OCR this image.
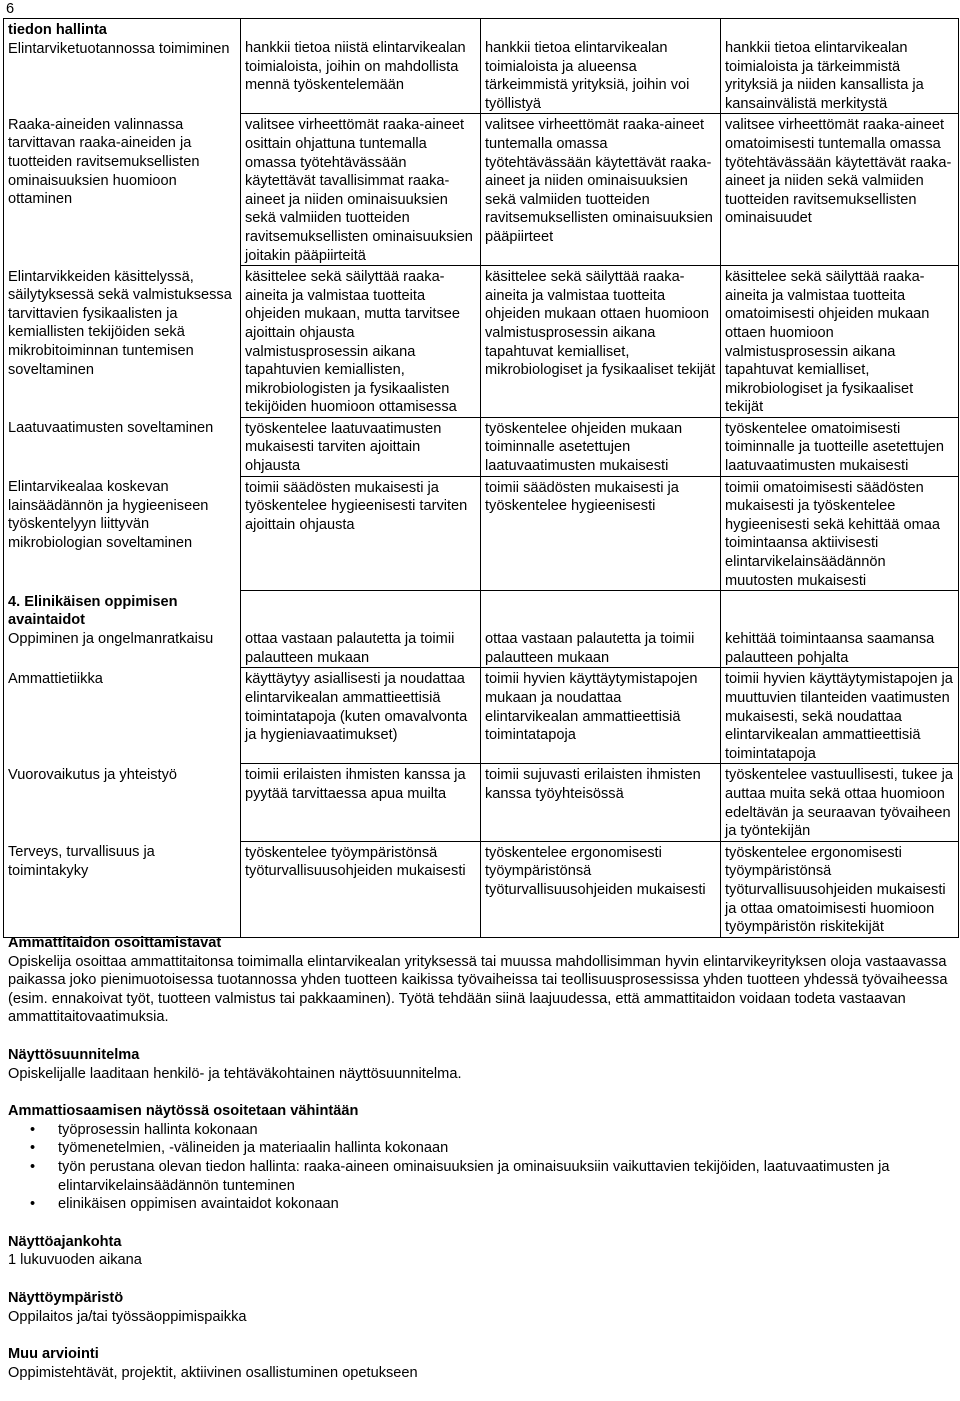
6

tiedon hallinta

Elintarviketuotannossa toimiminen	hankkii tietoa niistä elintarvikealan toimialoista, joihin on mahdollista mennä työskentelemään	hankkii tietoa elintarvikealan toimialoista ja alueensa tärkeimmistä yrityksiä, joihin voi työllistyä	hankkii tietoa elintarvikealan toimialoista ja tärkeimmistä yrityksiä ja niiden kansallista ja kansainvälistä merkitystä

Raaka-aineiden valinnassa tarvittavan raaka-aineiden ja tuotteiden ravitsemuksellisten ominaisuuksien huomioon ottaminen	valitsee virheettömät raaka-aineet osittain ohjattuna tuntemalla omassa työtehtävässään käytettävät tavallisimmat raaka-aineet ja niiden ominaisuuksien sekä valmiiden tuotteiden ravitsemuksellisten ominaisuuksien joitakin pääpiirteitä	valitsee virheettömät raaka-aineet tuntemalla omassa työtehtävässään käytettävät raaka-aineet ja niiden ominaisuuksien sekä valmiiden tuotteiden ravitsemuksellisten ominaisuuksien pääpiirteet	valitsee virheettömät raaka-aineet omatoimisesti tuntemalla omassa työtehtävässään käytettävät raaka-aineet ja niiden sekä valmiiden tuotteiden ravitsemuksellisten ominaisuudet

Elintarvikkeiden käsittelyssä, säilytyksessä sekä valmistuksessa tarvittavien fysikaalisten ja kemiallisten tekijöiden sekä mikrobitoiminnan tuntemisen soveltaminen	käsittelee sekä säilyttää raaka-aineita ja valmistaa tuotteita ohjeiden mukaan, mutta tarvitsee ajoittain ohjausta valmistusprosessin aikana tapahtuvien kemiallisten, mikrobiologisten ja fysikaalisten tekijöiden huomioon ottamisessa	käsittelee sekä säilyttää raaka-aineita ja valmistaa tuotteita ohjeiden mukaan ottaen huomioon valmistusprosessin aikana tapahtuvat kemialliset, mikrobiologiset ja fysikaaliset tekijät	käsittelee sekä säilyttää raaka-aineita ja valmistaa tuotteita omatoimisesti ohjeiden mukaan ottaen huomioon valmistusprosessin aikana tapahtuvat kemialliset, mikrobiologiset ja fysikaaliset tekijät

Laatuvaatimusten soveltaminen	työskentelee laatuvaatimusten mukaisesti tarviten ajoittain ohjausta	työskentelee ohjeiden mukaan toiminnalle asetettujen laatuvaatimusten mukaisesti	työskentelee omatoimisesti toiminnalle ja tuotteille asetettujen laatuvaatimusten mukaisesti

Elintarvikealaa koskevan lainsäädännön ja hygieeniseen työskentelyyn liittyvän mikrobiologian soveltaminen	toimii säädösten mukaisesti ja työskentelee hygieenisesti tarviten ajoittain ohjausta	toimii säädösten mukaisesti ja työskentelee hygieenisesti	toimii omatoimisesti säädösten mukaisesti ja työskentelee hygieenisesti sekä kehittää omaa toimintaansa aktiivisesti elintarvikelainsäädännön muutosten mukaisesti

4. Elinikäisen oppimisen avaintaidot

Oppiminen ja ongelmanratkaisu	ottaa vastaan palautetta ja toimii palautteen mukaan	ottaa vastaan palautetta ja toimii palautteen mukaan	kehittää toimintaansa saamansa palautteen pohjalta

Ammattietiikka	käyttäytyy asiallisesti ja noudattaa elintarvikealan ammattieettisiä toimintatapoja (kuten omavalvonta ja hygieniavaatimukset)	toimii hyvien käyttäytymistapojen mukaan ja noudattaa elintarvikealan ammattieettisiä toimintatapoja	toimii hyvien käyttäytymistapojen ja muuttuvien tilanteiden vaatimusten mukaisesti, sekä noudattaa elintarvikealan ammattieettisiä toimintatapoja

Vuorovaikutus ja yhteistyö	toimii erilaisten ihmisten kanssa ja pyytää tarvittaessa apua muilta	toimii sujuvasti erilaisten ihmisten kanssa työyhteisössä	työskentelee vastuullisesti, tukee ja auttaa muita sekä ottaa huomioon edeltävän ja seuraavan työvaiheen ja työntekijän

Terveys, turvallisuus ja toimintakyky	työskentelee työympäristönsä työturvallisuusohjeiden mukaisesti	työskentelee ergonomisesti työympäristönsä työturvallisuusohjeiden mukaisesti	työskentelee ergonomisesti työympäristönsä työturvallisuusohjeiden mukaisesti ja ottaa omatoimisesti huomioon työympäristön riskitekijät

Ammattitaidon osoittamistavat

Opiskelija osoittaa ammattitaitonsa toimimalla elintarvikealan yrityksessä tai muussa mahdollisimman hyvin elintarvikeyrityksen oloja vastaavassa paikassa joko pienimuotoisessa tuotannossa yhden tuotteen kaikissa työvaiheissa tai teollisuusprosessissa yhden tuotteen yhdessä työvaiheessa (esim. ennakoivat työt, tuotteen valmistus tai pakkaaminen). Työtä tehdään siinä laajuudessa, että ammattitaidon voidaan todeta vastaavan ammattitaitovaatimuksia.

Näyttösuunnitelma

Opiskelijalle laaditaan henkilö- ja tehtäväkohtainen näyttösuunnitelma.

Ammattiosaamisen näytössä osoitetaan vähintään
• työprosessin hallinta kokonaan
• työmenetelmien, -välineiden ja materiaalin hallinta kokonaan
• työn perustana olevan tiedon hallinta: raaka-aineen ominaisuuksien ja ominaisuuksiin vaikuttavien tekijöiden, laatuvaatimusten ja elintarvikelainsäädännön tunteminen
• elinikäisen oppimisen avaintaidot kokonaan
Näyttöajankohta

1 lukuvuoden aikana

Näyttöympäristö

Oppilaitos ja/tai työssäoppimispaikka

Muu arviointi

Oppimistehtävät, projektit, aktiivinen osallistuminen opetukseen
